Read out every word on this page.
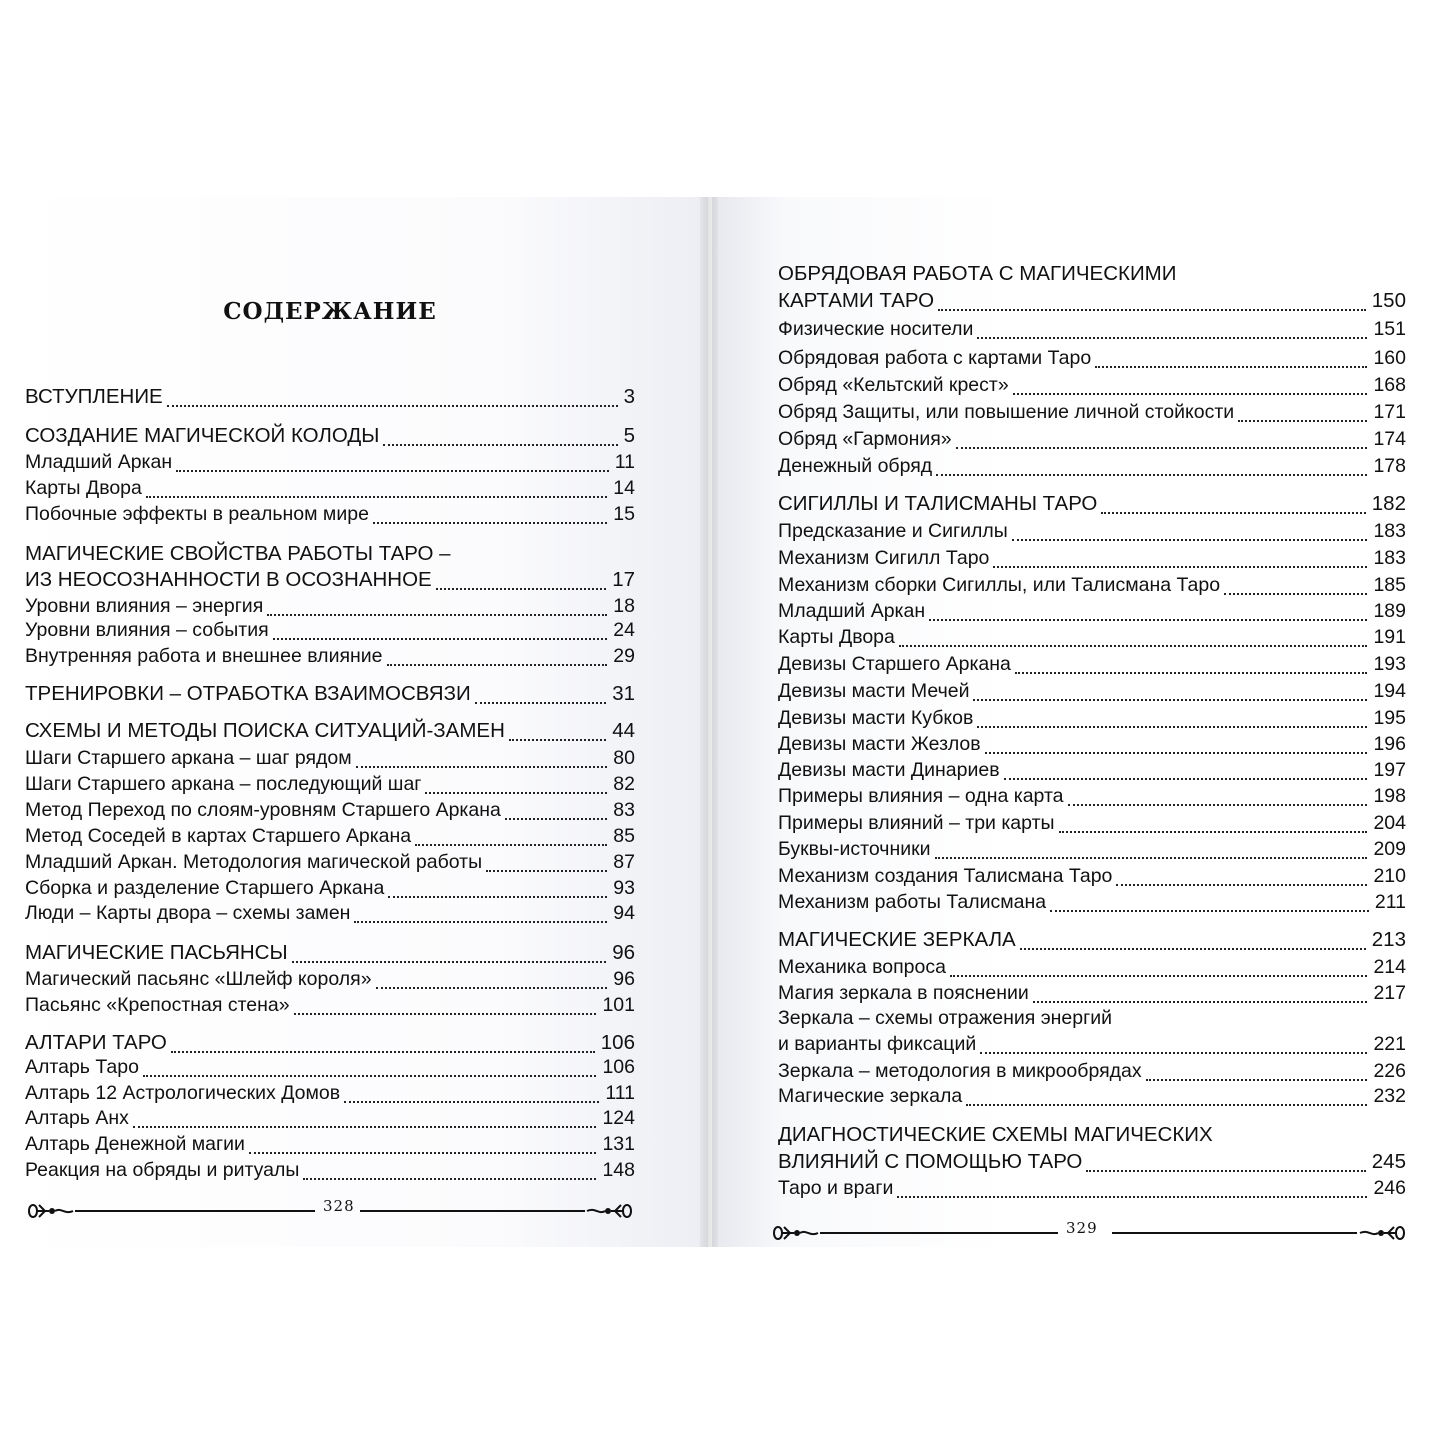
СОДЕРЖАНИЕ
ВСТУПЛЕНИЕ	3
СОЗДАНИЕ МАГИЧЕСКОЙ КОЛОДЫ	5
Младший Аркан	11
Карты Двора	14
Побочные эффекты в реальном мире	15
МАГИЧЕСКИЕ СВОЙСТВА РАБОТЫ ТАРО –
ИЗ НЕОСОЗНАННОСТИ В ОСОЗНАННОЕ	17
Уровни влияния – энергия	18
Уровни влияния – события	24
Внутренняя работа и внешнее влияние	29
ТРЕНИРОВКИ – ОТРАБОТКА ВЗАИМОСВЯЗИ	31
СХЕМЫ И МЕТОДЫ ПОИСКА СИТУАЦИЙ-ЗАМЕН	44
Шаги Старшего аркана – шаг рядом	80
Шаги Старшего аркана – последующий шаг	82
Метод Переход по слоям-уровням Старшего Аркана	83
Метод Соседей в картах Старшего Аркана	85
Младший Аркан. Методология магической работы	87
Сборка и разделение Старшего Аркана	93
Люди – Карты двора – схемы замен	94
МАГИЧЕСКИЕ ПАСЬЯНСЫ	96
Магический пасьянс «Шлейф короля»	96
Пасьянс «Крепостная стена»	101
АЛТАРИ ТАРО	106
Алтарь Таро	106
Алтарь 12 Астрологических Домов	111
Алтарь Анх	124
Алтарь Денежной магии	131
Реакция на обряды и ритуалы	148
ОБРЯДОВАЯ РАБОТА С МАГИЧЕСКИМИ
КАРТАМИ ТАРО	150
Физические носители	151
Обрядовая работа с картами Таро	160
Обряд «Кельтский крест»	168
Обряд Защиты, или повышение личной стойкости	171
Обряд «Гармония»	174
Денежный обряд	178
СИГИЛЛЫ И ТАЛИСМАНЫ ТАРО	182
Предсказание и Сигиллы	183
Механизм Сигилл Таро	183
Механизм сборки Сигиллы, или Талисмана Таро	185
Младший Аркан	189
Карты Двора	191
Девизы Старшего Аркана	193
Девизы масти Мечей	194
Девизы масти Кубков	195
Девизы масти Жезлов	196
Девизы масти Динариев	197
Примеры влияния – одна карта	198
Примеры влияний – три карты	204
Буквы-источники	209
Механизм создания Талисмана Таро	210
Механизм работы Талисмана	211
МАГИЧЕСКИЕ ЗЕРКАЛА	213
Механика вопроса	214
Магия зеркала в пояснении	217
Зеркала – схемы отражения энергий
и варианты фиксаций	221
Зеркала – методология в микрообрядах	226
Магические зеркала	232
ДИАГНОСТИЧЕСКИЕ СХЕМЫ МАГИЧЕСКИХ
ВЛИЯНИЙ С ПОМОЩЬЮ ТАРО	245
Таро и враги	246
328
329
